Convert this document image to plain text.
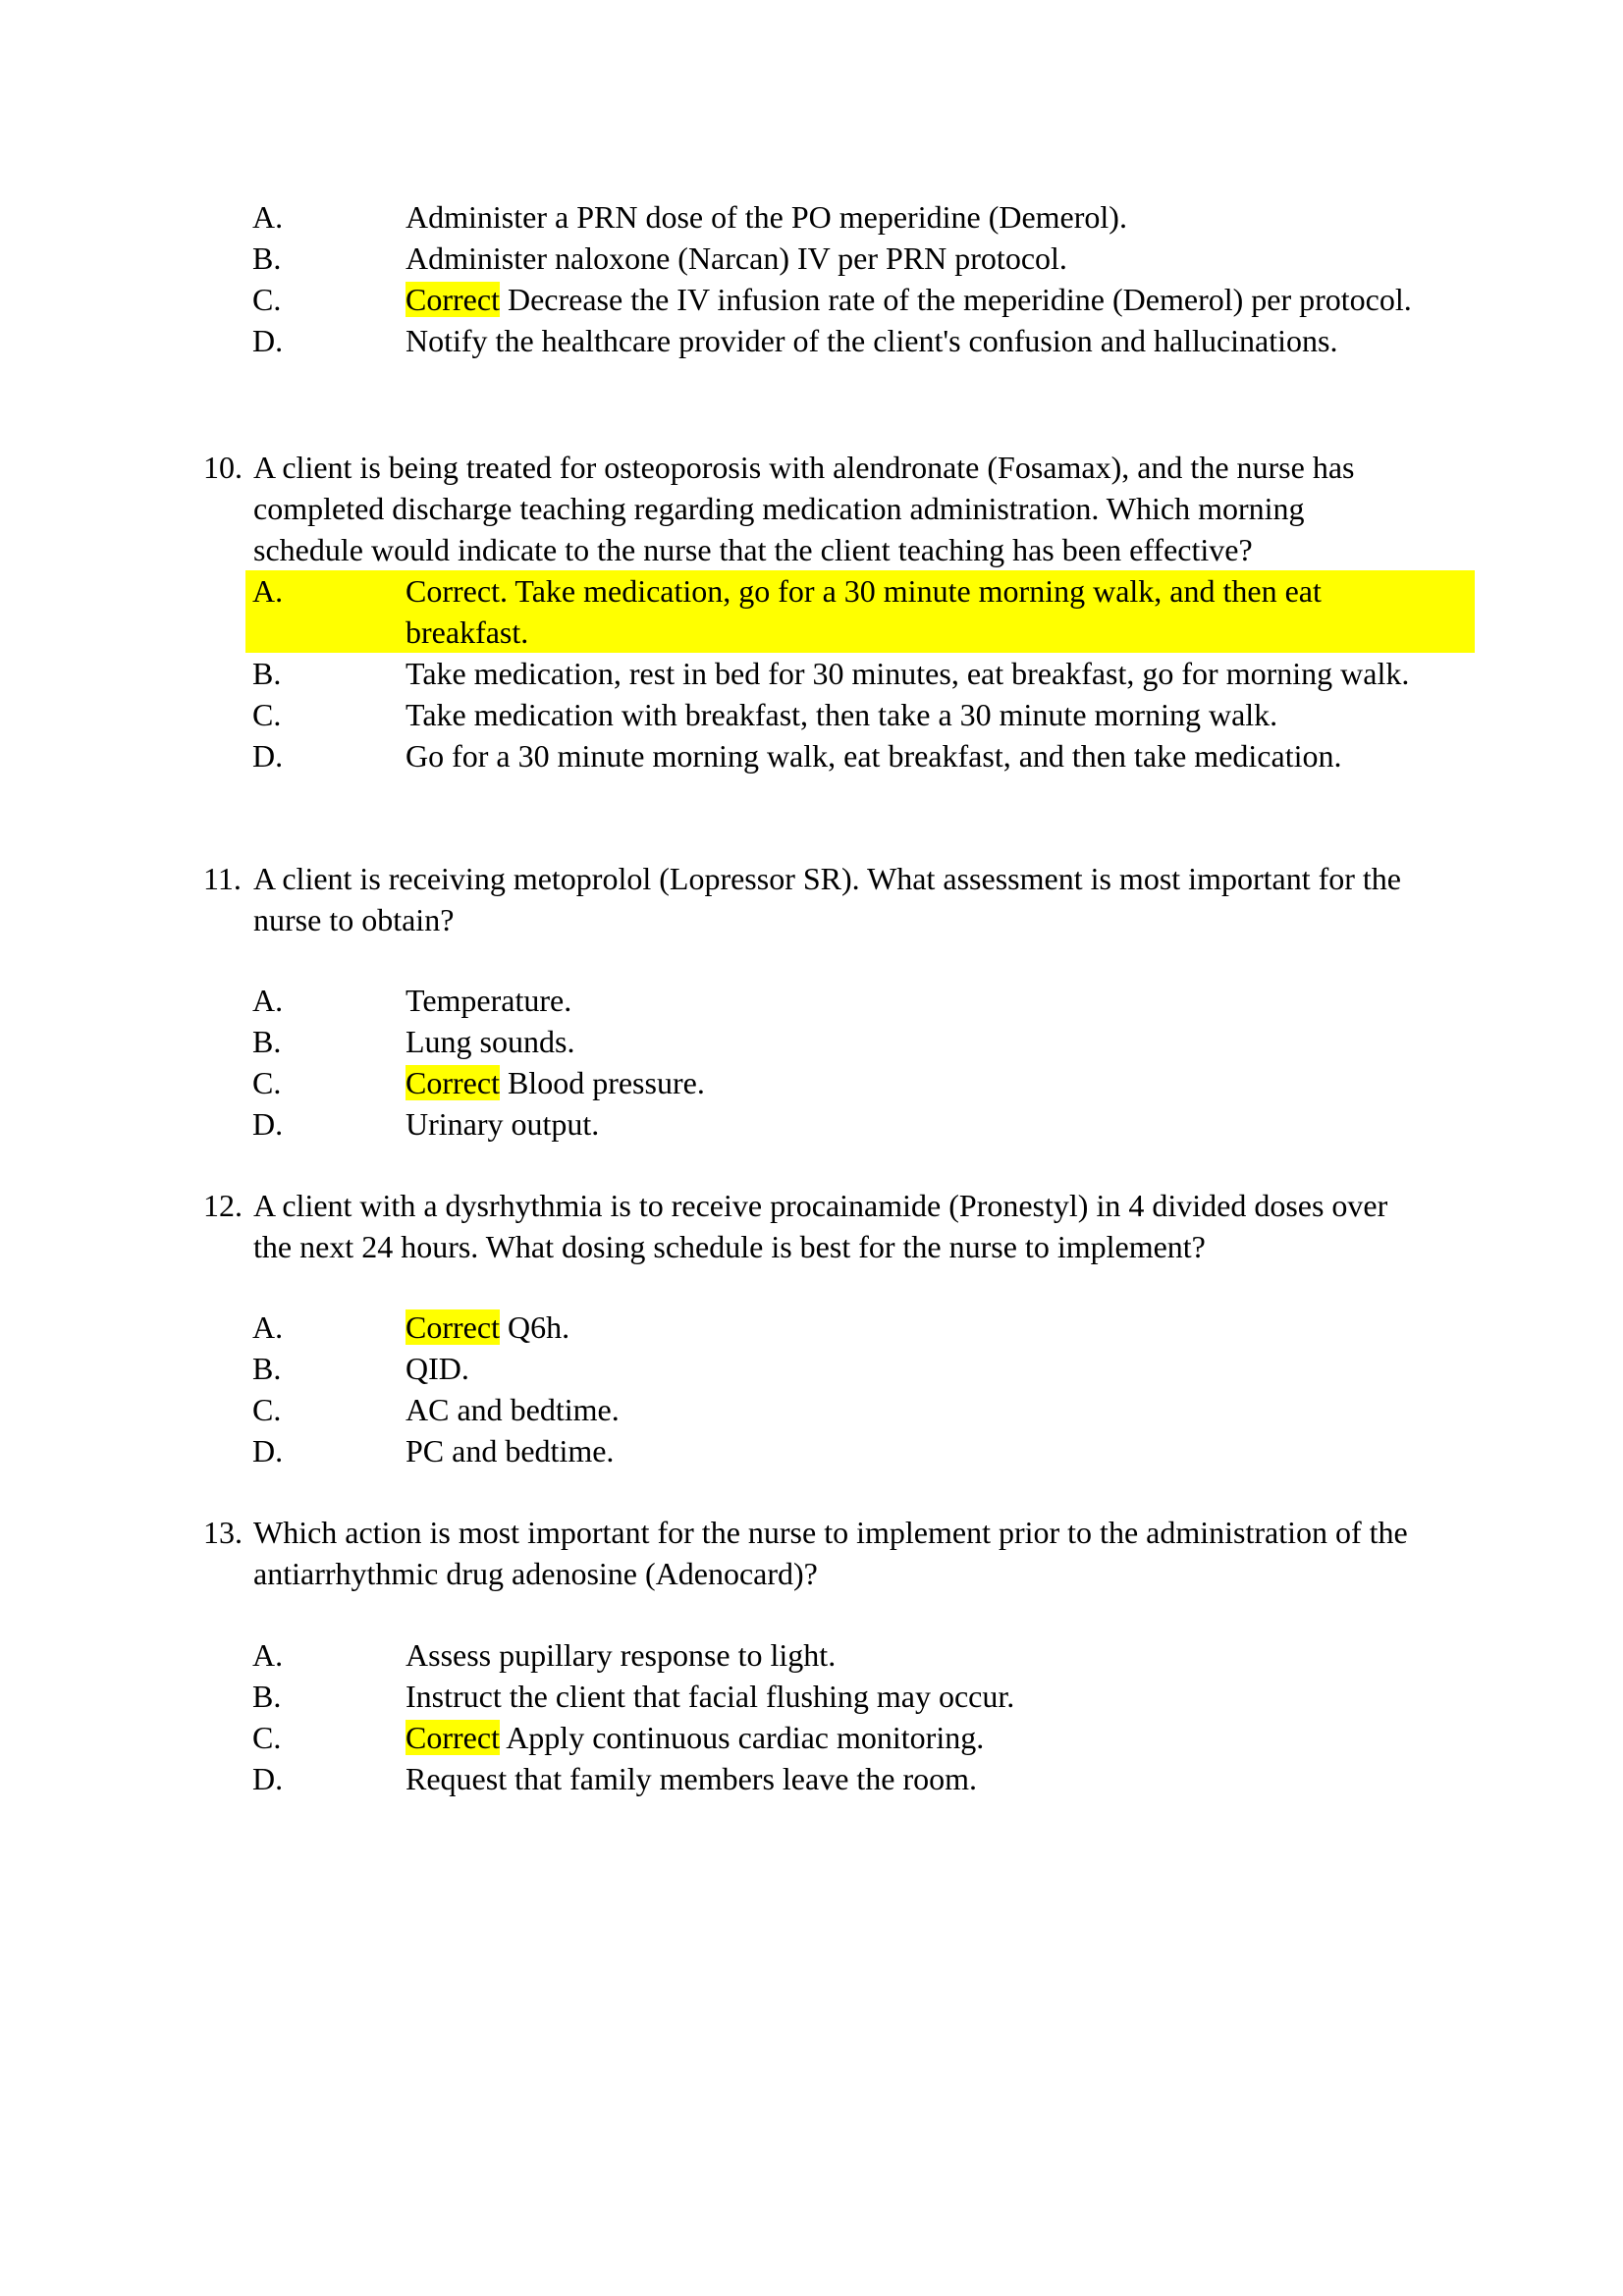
A.	Administer a PRN dose of the PO meperidine (Demerol).
B.	Administer naloxone (Narcan) IV per PRN protocol.
C.	Correct Decrease the IV infusion rate of the meperidine (Demerol) per protocol.
D.	Notify the healthcare provider of the client's confusion and hallucinations.
10. A client is being treated for osteoporosis with alendronate (Fosamax), and the nurse has
completed discharge teaching regarding medication administration. Which morning
schedule would indicate to the nurse that the client teaching has been effective?
A.	Correct. Take medication, go for a 30 minute morning walk, and then eat
breakfast.
B.	Take medication, rest in bed for 30 minutes, eat breakfast, go for morning walk.
C.	Take medication with breakfast, then take a 30 minute morning walk.
D.	Go for a 30 minute morning walk, eat breakfast, and then take medication.
11. A client is receiving metoprolol (Lopressor SR). What assessment is most important for the
nurse to obtain?
A.	Temperature.
B.	Lung sounds.
C.	Correct Blood pressure.
D.	Urinary output.
12. A client with a dysrhythmia is to receive procainamide (Pronestyl) in 4 divided doses over
the next 24 hours. What dosing schedule is best for the nurse to implement?
A.	Correct Q6h.
B.	QID.
C.	AC and bedtime.
D.	PC and bedtime.
13. Which action is most important for the nurse to implement prior to the administration of the
antiarrhythmic drug adenosine (Adenocard)?
A.	Assess pupillary response to light.
B.	Instruct the client that facial flushing may occur.
C.	Correct Apply continuous cardiac monitoring.
D.	Request that family members leave the room.
